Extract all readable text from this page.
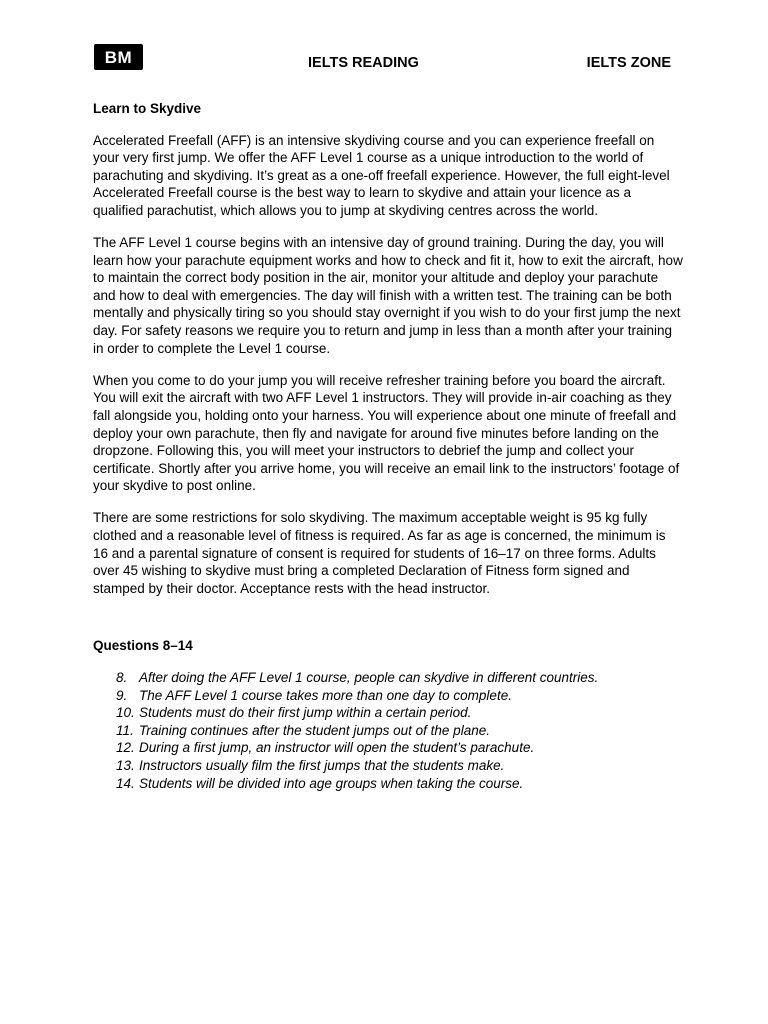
BM	IELTS READING	IELTS ZONE
Learn to Skydive

Accelerated Freefall (AFF) is an intensive skydiving course and you can experience freefall on your very first jump. We offer the AFF Level 1 course as a unique introduction to the world of parachuting and skydiving. It’s great as a one-off freefall experience. However, the full eight-level Accelerated Freefall course is the best way to learn to skydive and attain your licence as a qualified parachutist, which allows you to jump at skydiving centres across the world.

The AFF Level 1 course begins with an intensive day of ground training. During the day, you will learn how your parachute equipment works and how to check and fit it, how to exit the aircraft, how to maintain the correct body position in the air, monitor your altitude and deploy your parachute and how to deal with emergencies. The day will finish with a written test. The training can be both mentally and physically tiring so you should stay overnight if you wish to do your first jump the next day. For safety reasons we require you to return and jump in less than a month after your training in order to complete the Level 1 course.

When you come to do your jump you will receive refresher training before you board the aircraft. You will exit the aircraft with two AFF Level 1 instructors. They will provide in-air coaching as they fall alongside you, holding onto your harness. You will experience about one minute of freefall and deploy your own parachute, then fly and navigate for around five minutes before landing on the dropzone. Following this, you will meet your instructors to debrief the jump and collect your certificate. Shortly after you arrive home, you will receive an email link to the instructors’ footage of your skydive to post online.

There are some restrictions for solo skydiving. The maximum acceptable weight is 95 kg fully clothed and a reasonable level of fitness is required. As far as age is concerned, the minimum is 16 and a parental signature of consent is required for students of 16–17 on three forms. Adults over 45 wishing to skydive must bring a completed Declaration of Fitness form signed and stamped by their doctor. Acceptance rests with the head instructor.

Questions 8–14
8. After doing the AFF Level 1 course, people can skydive in different countries.
9. The AFF Level 1 course takes more than one day to complete.
10. Students must do their first jump within a certain period.
11. Training continues after the student jumps out of the plane.
12. During a first jump, an instructor will open the student’s parachute.
13. Instructors usually film the first jumps that the students make.
14. Students will be divided into age groups when taking the course.
